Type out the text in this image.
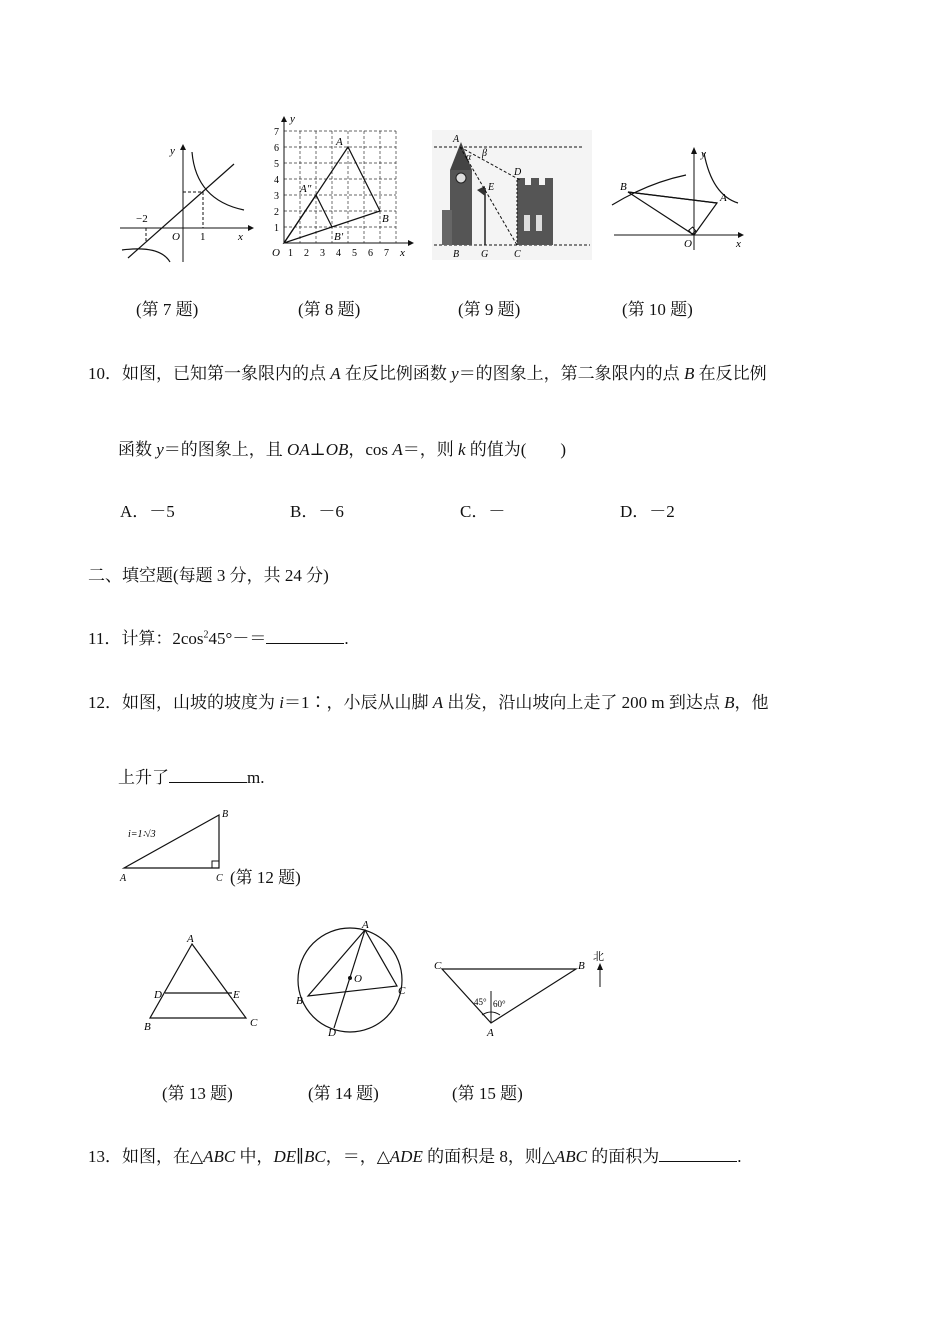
y
x
−2
O 1
(第 7 题)
1 2 3 4 5 6 7
1
2
3
4
5
6
7
y
x
O
A
A″
B
B′
(第 8 题)
A
α β
D
E
B G	C
(第 9 题)
y
x
A
B
O
(第 10 题)
10．如图，已知第一象限内的点 A 在反比例函数 y＝的图象上，第二象限内的点 B 在反比例
函数 y＝的图象上，且 OA⊥OB，cos A＝，则 k 的值为(　　)
A．－5	B．－6	C．－	D．－2
二、填空题(每题 3 分，共 24 分)
11．计算：$2\cos^245^\circ-=$	.
12．如图，山坡的坡度为 i＝1∶，小辰从山脚 A 出发，沿山坡向上走了 200 m 到达点 B，他
上升了	m.
i=1∶√3
A
B
C (第 12 题)
A
D	E
B	C
(第 13 题)
A
O
B
C
D
(第 14 题)
北
C	B
A
45° 60°
(第 15 题)
13．如图，在△ABC 中，DE∥BC，＝，△ADE 的面积是 8，则△ABC 的面积为	.
